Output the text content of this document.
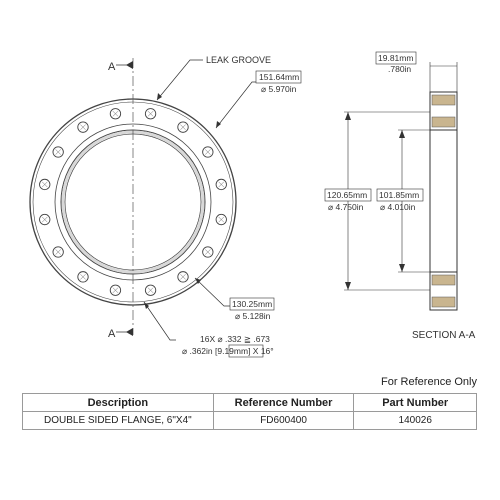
A
A
LEAK GROOVE
151.64mm
⌀ 5.970in
130.25mm
⌀ 5.128in
16X ⌀ .332 ≧ .673
⌀ .362in [9.19mm] X 16°
19.81mm
.780in
120.65mm
⌀ 4.750in
101.85mm
⌀ 4.010in
SECTION A-A
For Reference Only
Description	Reference Number	Part Number
DOUBLE SIDED FLANGE, 6"X4"	FD600400	140026
